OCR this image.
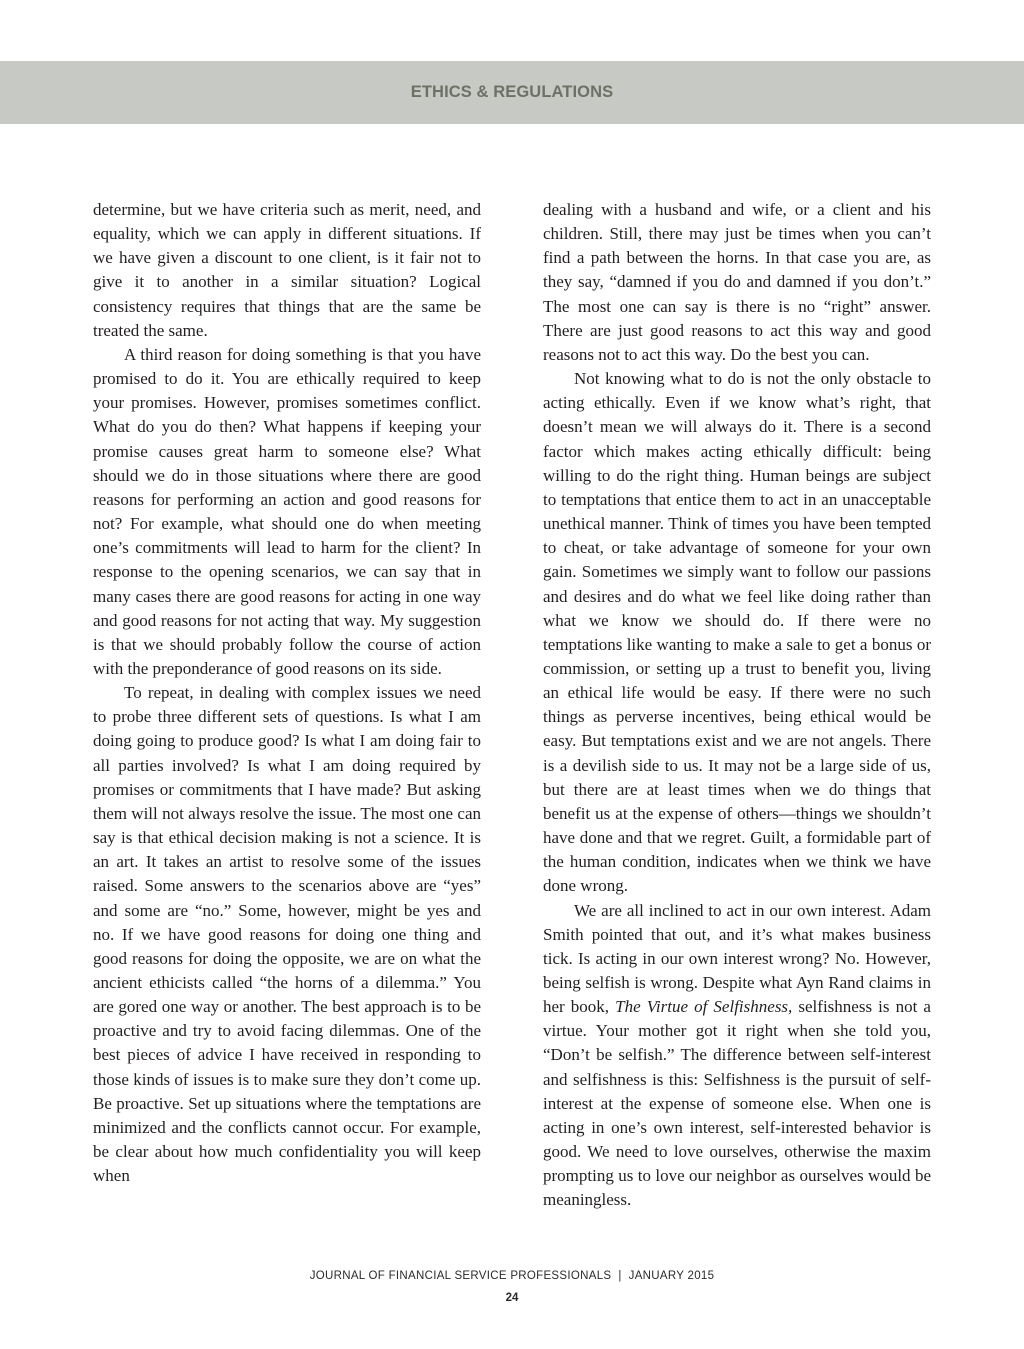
ETHICS & REGULATIONS

determine, but we have criteria such as merit, need, and equality, which we can apply in different situations. If we have given a discount to one client, is it fair not to give it to another in a similar situation? Logical consistency requires that things that are the same be treated the same.

A third reason for doing something is that you have promised to do it. You are ethically required to keep your promises. However, promises sometimes conflict. What do you do then? What happens if keeping your promise causes great harm to someone else? What should we do in those situations where there are good reasons for performing an action and good reasons for not? For example, what should one do when meeting one’s commitments will lead to harm for the client? In response to the opening scenarios, we can say that in many cases there are good reasons for acting in one way and good reasons for not acting that way. My suggestion is that we should probably follow the course of action with the preponderance of good reasons on its side.

To repeat, in dealing with complex issues we need to probe three different sets of questions. Is what I am doing going to produce good? Is what I am doing fair to all parties involved? Is what I am doing required by promises or commitments that I have made? But asking them will not always resolve the issue. The most one can say is that ethical decision making is not a science. It is an art. It takes an artist to resolve some of the issues raised. Some answers to the scenarios above are “yes” and some are “no.” Some, however, might be yes and no. If we have good reasons for doing one thing and good reasons for doing the opposite, we are on what the ancient ethicists called “the horns of a dilemma.” You are gored one way or another. The best approach is to be proactive and try to avoid facing dilemmas. One of the best pieces of advice I have received in responding to those kinds of issues is to make sure they don’t come up. Be proactive. Set up situations where the temptations are minimized and the conflicts cannot occur. For example, be clear about how much confidentiality you will keep when

dealing with a husband and wife, or a client and his children. Still, there may just be times when you can’t find a path between the horns. In that case you are, as they say, “damned if you do and damned if you don’t.” The most one can say is there is no “right” answer. There are just good reasons to act this way and good reasons not to act this way. Do the best you can.

Not knowing what to do is not the only obstacle to acting ethically. Even if we know what’s right, that doesn’t mean we will always do it. There is a second factor which makes acting ethically difficult: being willing to do the right thing. Human beings are subject to temptations that entice them to act in an unacceptable unethical manner. Think of times you have been tempted to cheat, or take advantage of someone for your own gain. Sometimes we simply want to follow our passions and desires and do what we feel like doing rather than what we know we should do. If there were no temptations like wanting to make a sale to get a bonus or commission, or setting up a trust to benefit you, living an ethical life would be easy. If there were no such things as perverse incentives, being ethical would be easy. But temptations exist and we are not angels. There is a devilish side to us. It may not be a large side of us, but there are at least times when we do things that benefit us at the expense of others—things we shouldn’t have done and that we regret. Guilt, a formidable part of the human condition, indicates when we think we have done wrong.

We are all inclined to act in our own interest. Adam Smith pointed that out, and it’s what makes business tick. Is acting in our own interest wrong? No. However, being selfish is wrong. Despite what Ayn Rand claims in her book, The Virtue of Selfishness, selfishness is not a virtue. Your mother got it right when she told you, “Don’t be selfish.” The difference between self-interest and selfishness is this: Selfishness is the pursuit of self-interest at the expense of someone else. When one is acting in one’s own interest, self-interested behavior is good. We need to love ourselves, otherwise the maxim prompting us to love our neighbor as ourselves would be meaningless.

JOURNAL OF FINANCIAL SERVICE PROFESSIONALS | JANUARY 2015
24
